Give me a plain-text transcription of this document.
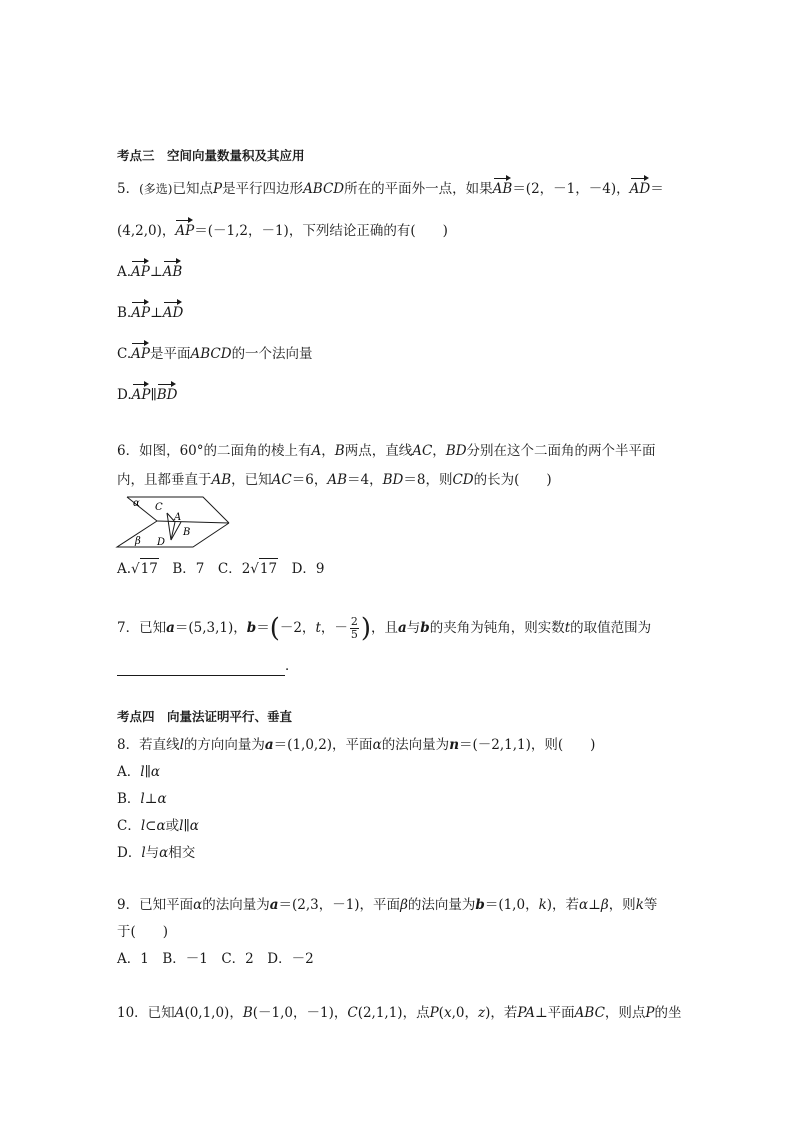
考点三　空间向量数量积及其应用
5．(多选)已知点P是平行四边形ABCD所在的平面外一点，如果AB＝(2，－1，－4)，AD＝
(4,2,0)，AP＝(－1,2，－1)，下列结论正确的有(　　)
A.AP⊥AB
B.AP⊥AD
C.AP是平面ABCD的一个法向量
D.AP∥BD
6．如图，60°的二面角的棱上有A，B两点，直线AC，BD分别在这个二面角的两个半平面
内，且都垂直于AB，已知AC＝6，AB＝4，BD＝8，则CD的长为(　　)
α C
A
B
β D
A.√17　 B．7　 C．2√17　 D．9
7．已知a＝(5,3,1)，b＝(－2，t，－ $\frac{2}{5}$ )，且a与b的夹角为钝角，则实数t的取值范围为
．
考点四　向量法证明平行、垂直
8．若直线l的方向向量为a＝(1,0,2)，平面α的法向量为n＝(－2,1,1)，则(　　)
A．l∥α
B．l⊥α
C．l⊂α或l∥α
D．l与α相交
9．已知平面α的法向量为a＝(2,3，－1)，平面β的法向量为b＝(1,0，k)，若α⊥β，则k等
于(　　)
A．1　B．－1　C．2　D．－2
10．已知A(0,1,0)，B(－1,0，－1)，C(2,1,1)，点P(x,0，z)，若PA⊥平面ABC，则点P的坐
